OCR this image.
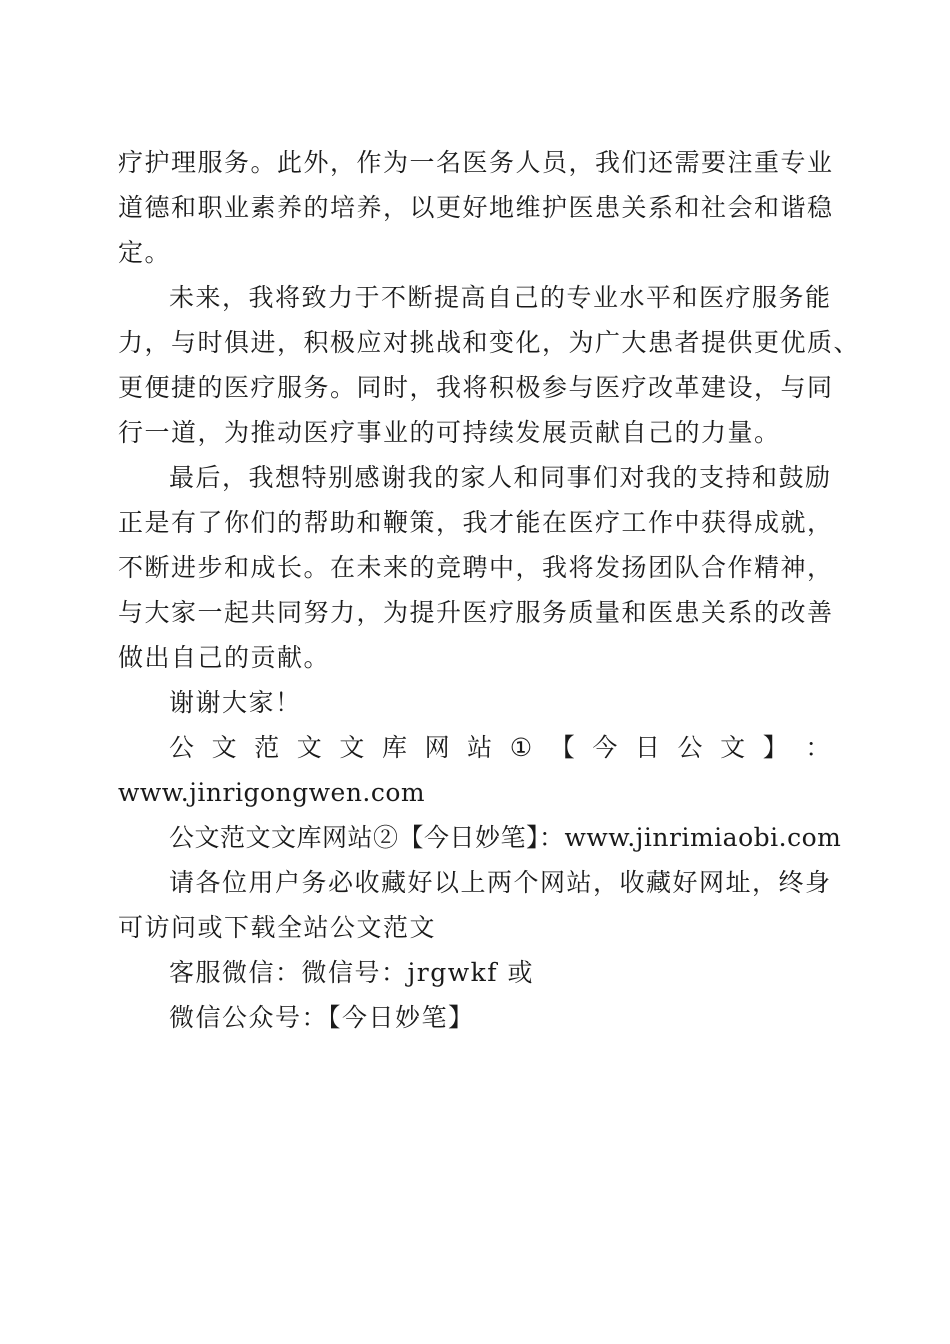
疗护理服务。此外，作为一名医务人员，我们还需要注重专业
道德和职业素养的培养，以更好地维护医患关系和社会和谐稳
定。
未来，我将致力于不断提高自己的专业水平和医疗服务能
力，与时俱进，积极应对挑战和变化，为广大患者提供更优质、
更便捷的医疗服务。同时，我将积极参与医疗改革建设，与同
行一道，为推动医疗事业的可持续发展贡献自己的力量。
最后，我想特别感谢我的家人和同事们对我的支持和鼓励
正是有了你们的帮助和鞭策，我才能在医疗工作中获得成就，
不断进步和成长。在未来的竞聘中，我将发扬团队合作精神，
与大家一起共同努力，为提升医疗服务质量和医患关系的改善
做出自己的贡献。
谢谢大家！
公 文 范 文 文 库 网 站 ① 【 今 日 公 文 】 ：
www.jinrigongwen.com
公文范文文库网站②【今日妙笔】：www.jinrimiaobi.com
请各位用户务必收藏好以上两个网站，收藏好网址，终身
可访问或下载全站公文范文
客服微信：微信号：jrgwkf 或
微信公众号：【今日妙笔】
